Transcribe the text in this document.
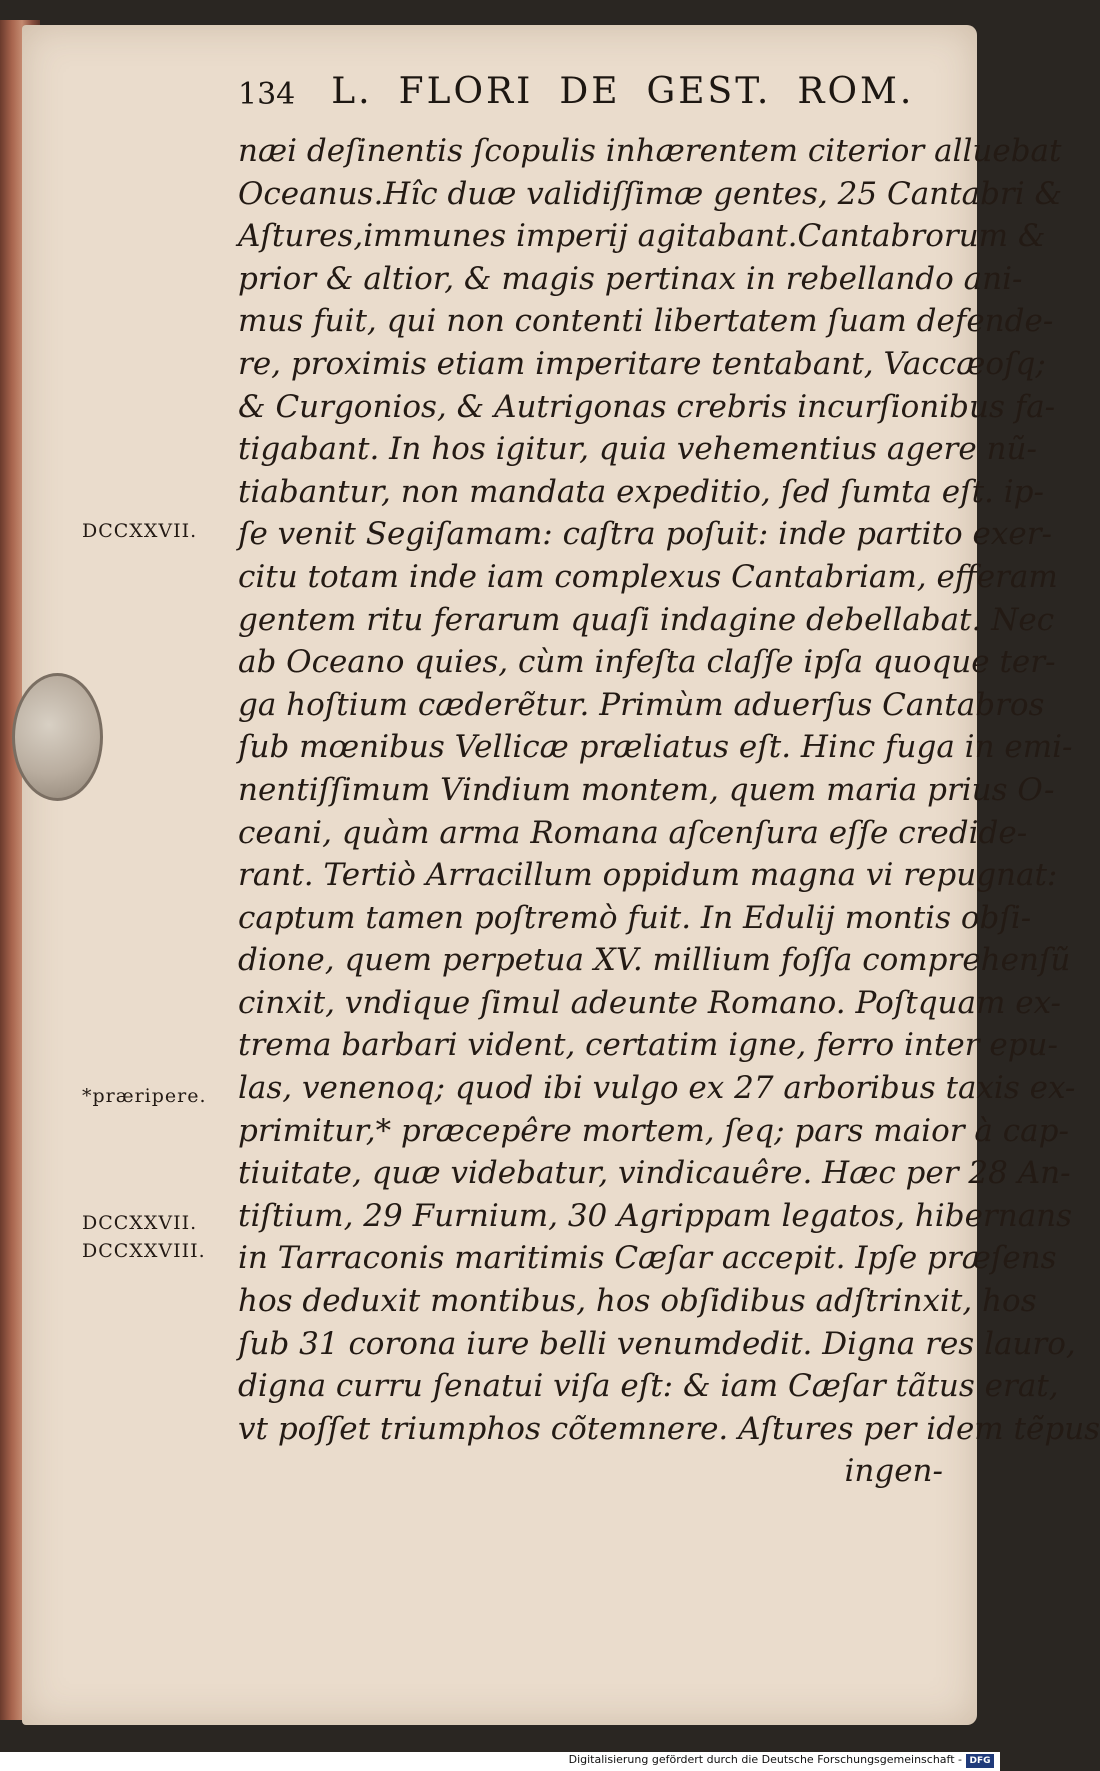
134 L. FLORI DE GEST. ROM.
næi deſinentis ſcopulis inhærentem citerior alluebat
Oceanus.Hîc duæ validiſſimæ gentes, 25 Cantabri &
Aſtures,immunes imperij agitabant.Cantabrorum &
prior & altior, & magis pertinax in rebellando ani-
mus fuit, qui non contenti libertatem ſuam defende-
re, proximis etiam imperitare tentabant, Vaccæoſq;
& Curgonios, & Autrigonas crebris incurſionibus fa-
tigabant. In hos igitur, quia vehementius agere nũ-
tiabantur, non mandata expeditio, ſed ſumta eſt. ip-
ſe venit Segiſamam: caſtra poſuit: inde partito exer-
citu totam inde iam complexus Cantabriam, efferam
gentem ritu ferarum quaſi indagine debellabat. Nec
ab Oceano quies, cùm infeſta claſſe ipſa quoque ter-
ga hoſtium cæderẽtur. Primùm aduerſus Cantabros
ſub mœnibus Vellicæ præliatus eſt. Hinc fuga in emi-
nentiſſimum Vindium montem, quem maria prius O-
ceani, quàm arma Romana aſcenſura eſſe credide-
rant. Tertiò Arracillum oppidum magna vi repugnat:
captum tamen poſtremò fuit. In Edulij montis obſi-
dione, quem perpetua XV. millium foſſa comprehenſũ
cinxit, vndique ſimul adeunte Romano. Poſtquam ex-
trema barbari vident, certatim igne, ferro inter epu-
las, venenoq; quod ibi vulgo ex 27 arboribus taxis ex-
primitur,* præcepêre mortem, ſeq; pars maior à cap-
tiuitate, quæ videbatur, vindicauêre. Hæc per 28 An-
tiſtium, 29 Furnium, 30 Agrippam legatos, hibernans
in Tarraconis maritimis Cæſar accepit. Ipſe præſens
hos deduxit montibus, hos obſidibus adſtrinxit, hos
ſub 31 corona iure belli venumdedit. Digna res lauro,
digna curru ſenatui viſa eſt: & iam Cæſar tãtus erat,
vt poſſet triumphos cõtemnere. Aſtures per idem tẽpus
ingen-
DCCXXVII.
*præripere.
DCCXXVII.
DCCXXVIII.
Digitalisierung gefördert durch die Deutsche Forschungsgemeinschaft - DFG
